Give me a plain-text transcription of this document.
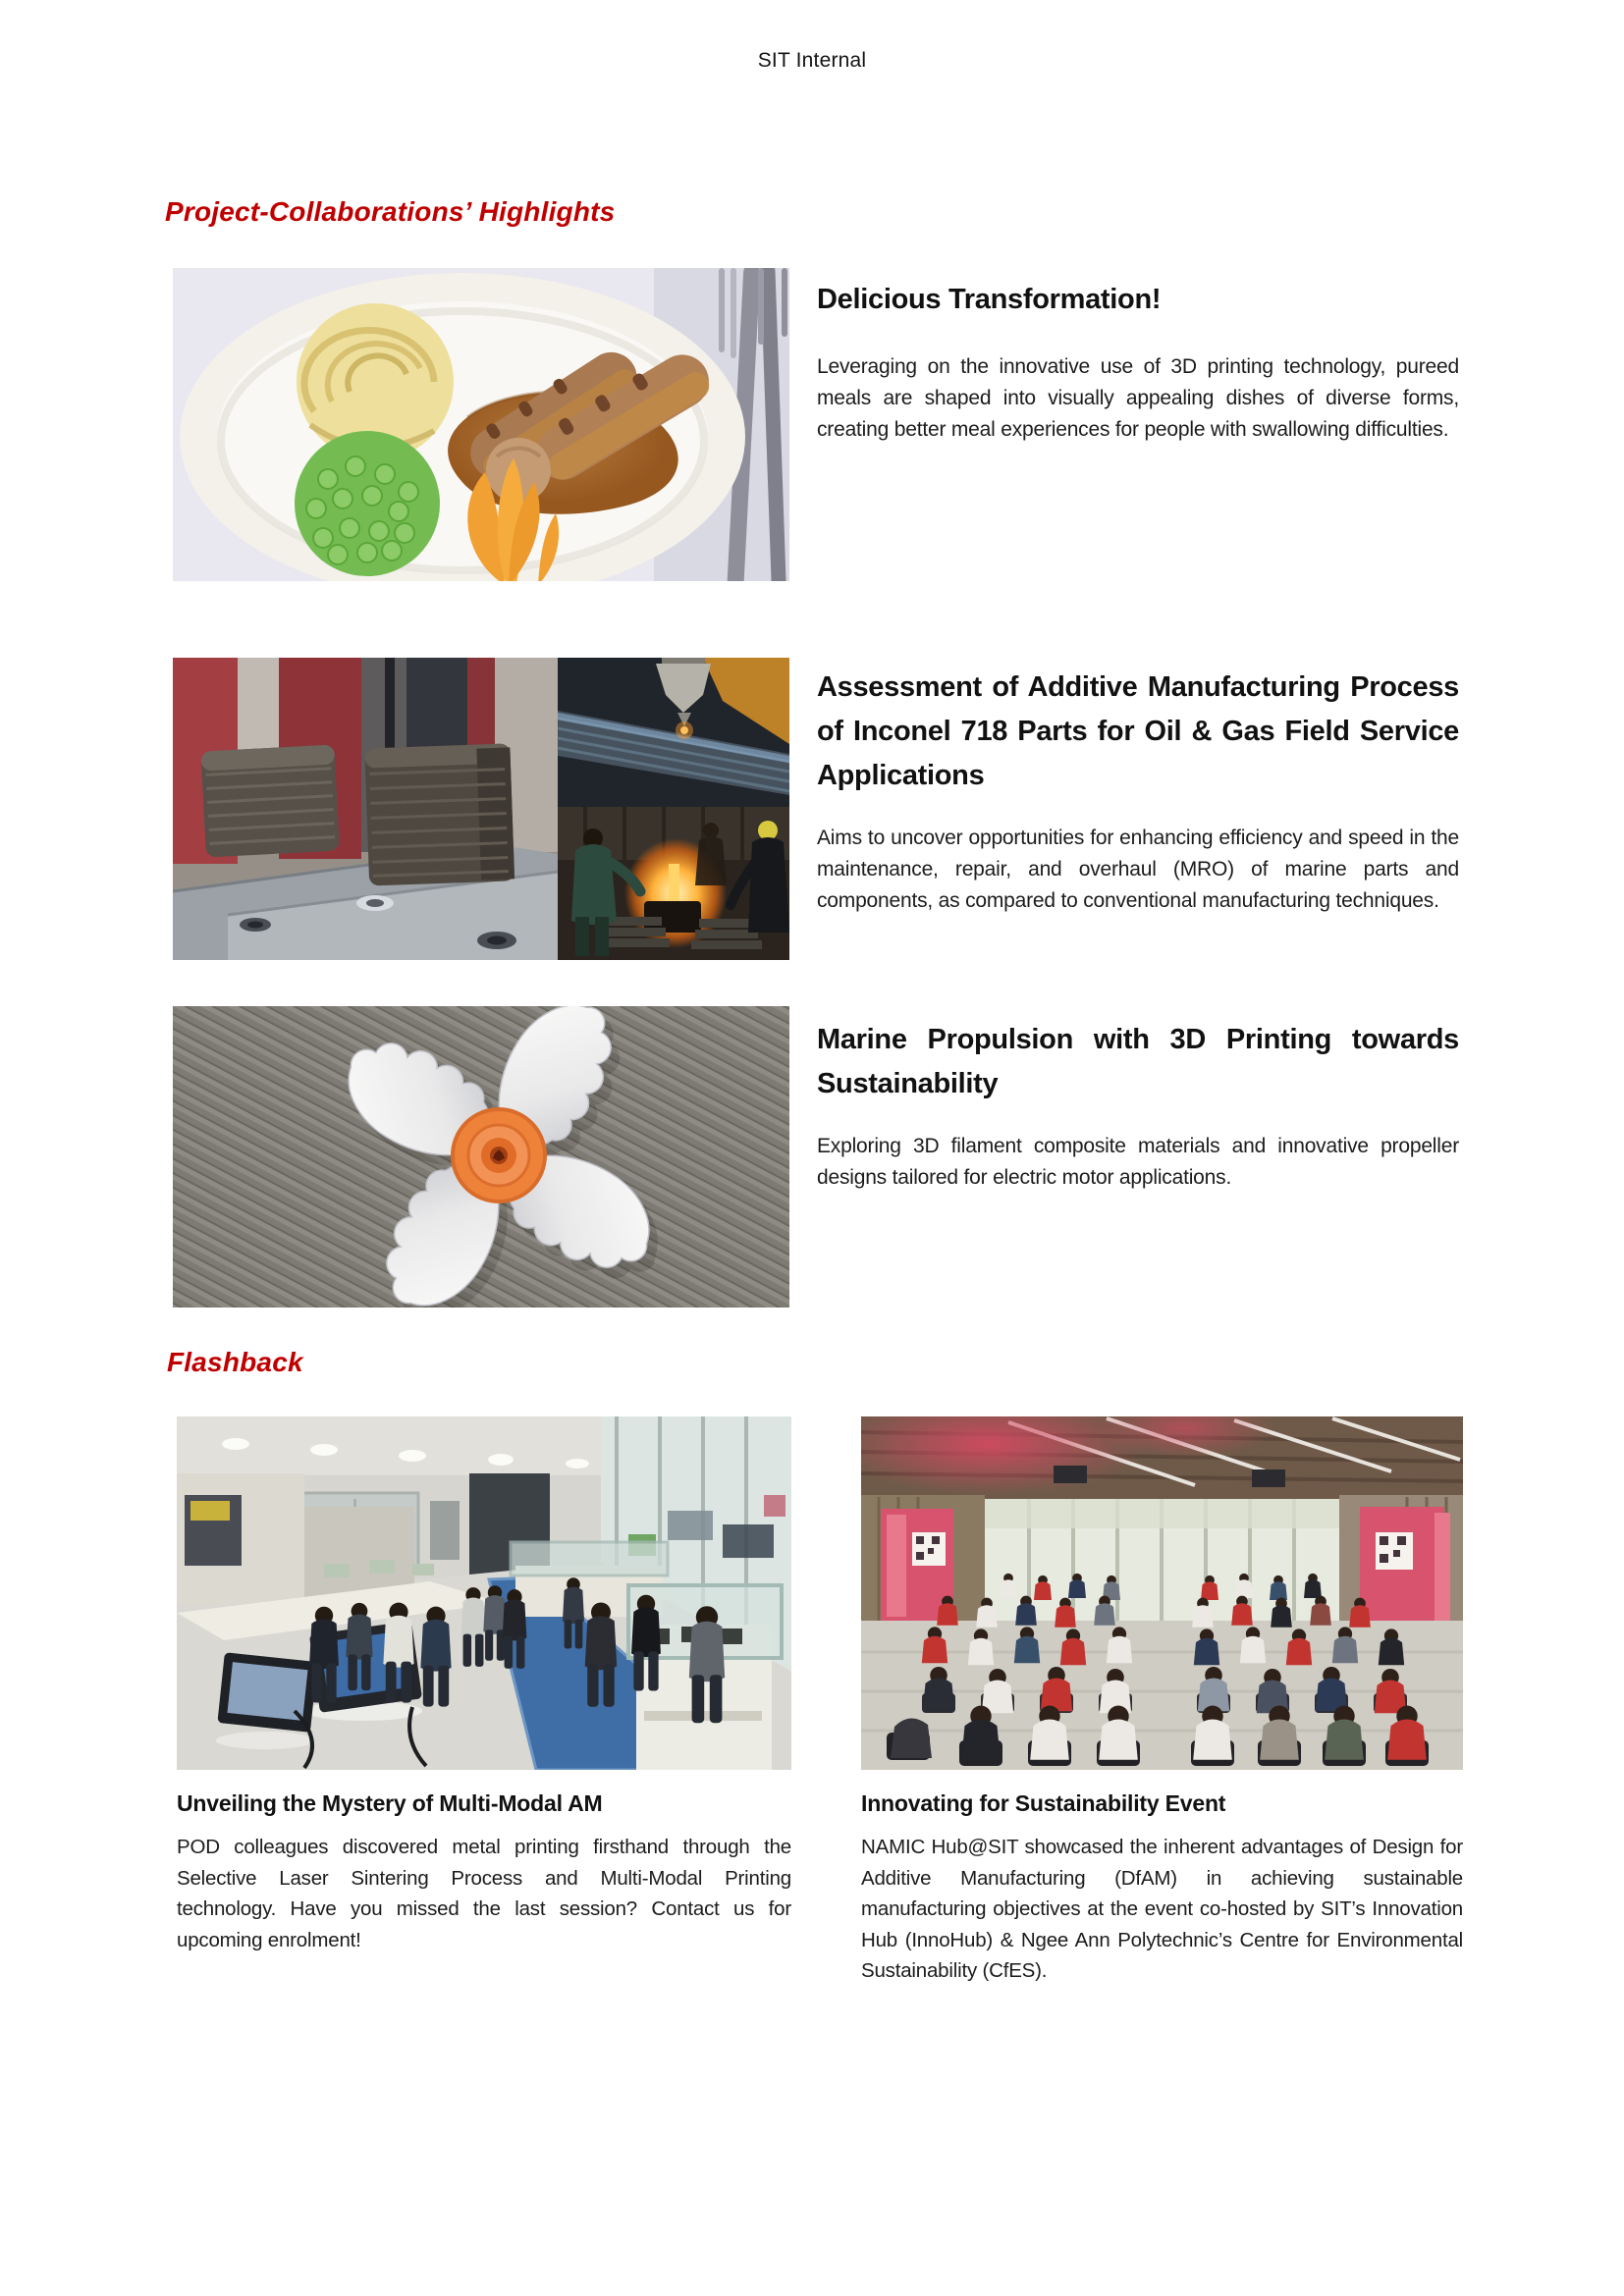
SIT Internal
Project-Collaborations’ Highlights
Delicious Transformation!

Leveraging on the innovative use of 3D printing technology, pureed meals are shaped into visually appealing dishes of diverse forms, creating better meal experiences for people with swallowing difficulties.

Assessment of Additive Manufacturing Process of Inconel 718 Parts for Oil & Gas Field Service Applications

Aims to uncover opportunities for enhancing efficiency and speed in the maintenance, repair, and overhaul (MRO) of marine parts and components, as compared to conventional manufacturing techniques.

Marine Propulsion with 3D Printing towards Sustainability

Exploring 3D filament composite materials and innovative propeller designs tailored for electric motor applications.

Flashback
Unveiling the Mystery of Multi-Modal AM

POD colleagues discovered metal printing firsthand through the Selective Laser Sintering Process and Multi-Modal Printing technology. Have you missed the last session? Contact us for upcoming enrolment!

Innovating for Sustainability Event

NAMIC Hub@SIT showcased the inherent advantages of Design for Additive Manufacturing (DfAM) in achieving sustainable manufacturing objectives at the event co-hosted by SIT’s Innovation Hub (InnoHub) & Ngee Ann Polytechnic’s Centre for Environmental Sustainability (CfES).
